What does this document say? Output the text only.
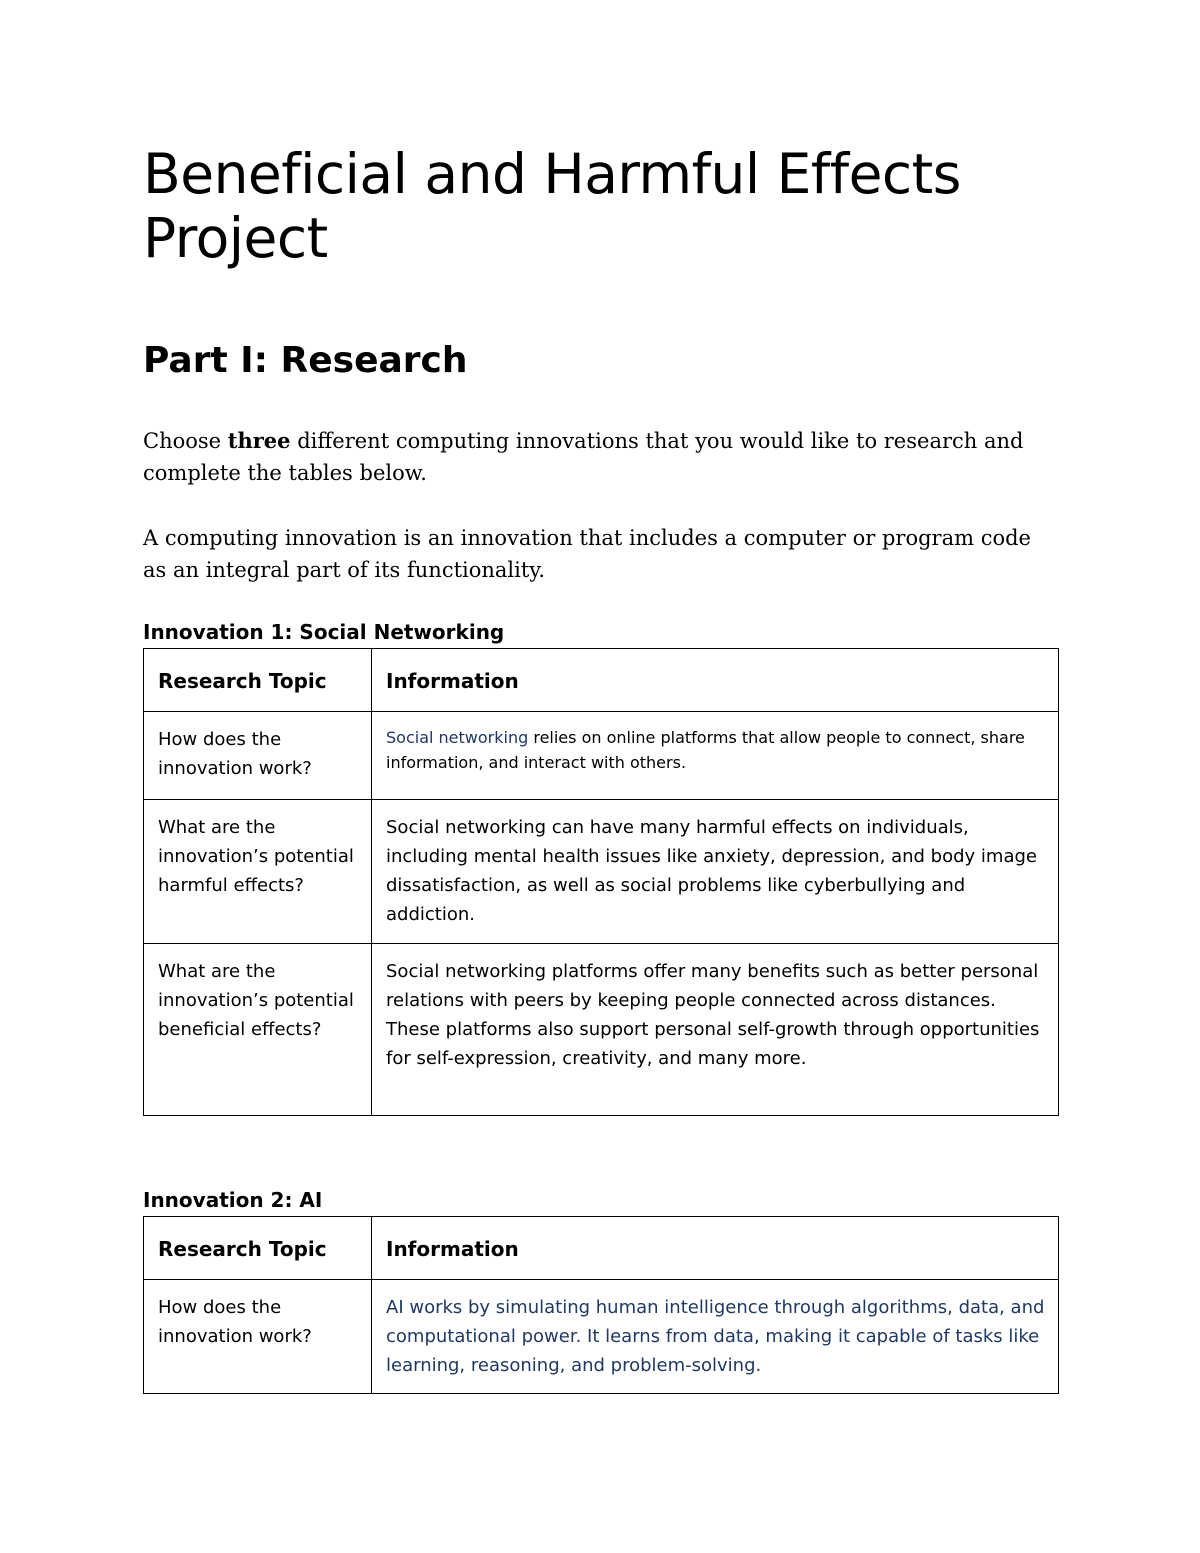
Beneficial and Harmful Effects Project
Part I: Research

Choose three different computing innovations that you would like to research and complete the tables below.

A computing innovation is an innovation that includes a computer or program code as an integral part of its functionality.

Innovation 1: Social Networking
Research Topic	Information
How does the innovation work?	Social networking relies on online platforms that allow people to connect, share information, and interact with others.
What are the innovation’s potential harmful effects?	Social networking can have many harmful effects on individuals, including mental health issues like anxiety, depression, and body image dissatisfaction, as well as social problems like cyberbullying and addiction.
What are the innovation’s potential beneficial effects?	Social networking platforms offer many benefits such as better personal relations with peers by keeping people connected across distances. These platforms also support personal self-growth through opportunities for self-expression, creativity, and many more.
Innovation 2: AI
Research Topic	Information
How does the innovation work?	AI works by simulating human intelligence through algorithms, data, and computational power. It learns from data, making it capable of tasks like learning, reasoning, and problem-solving.
